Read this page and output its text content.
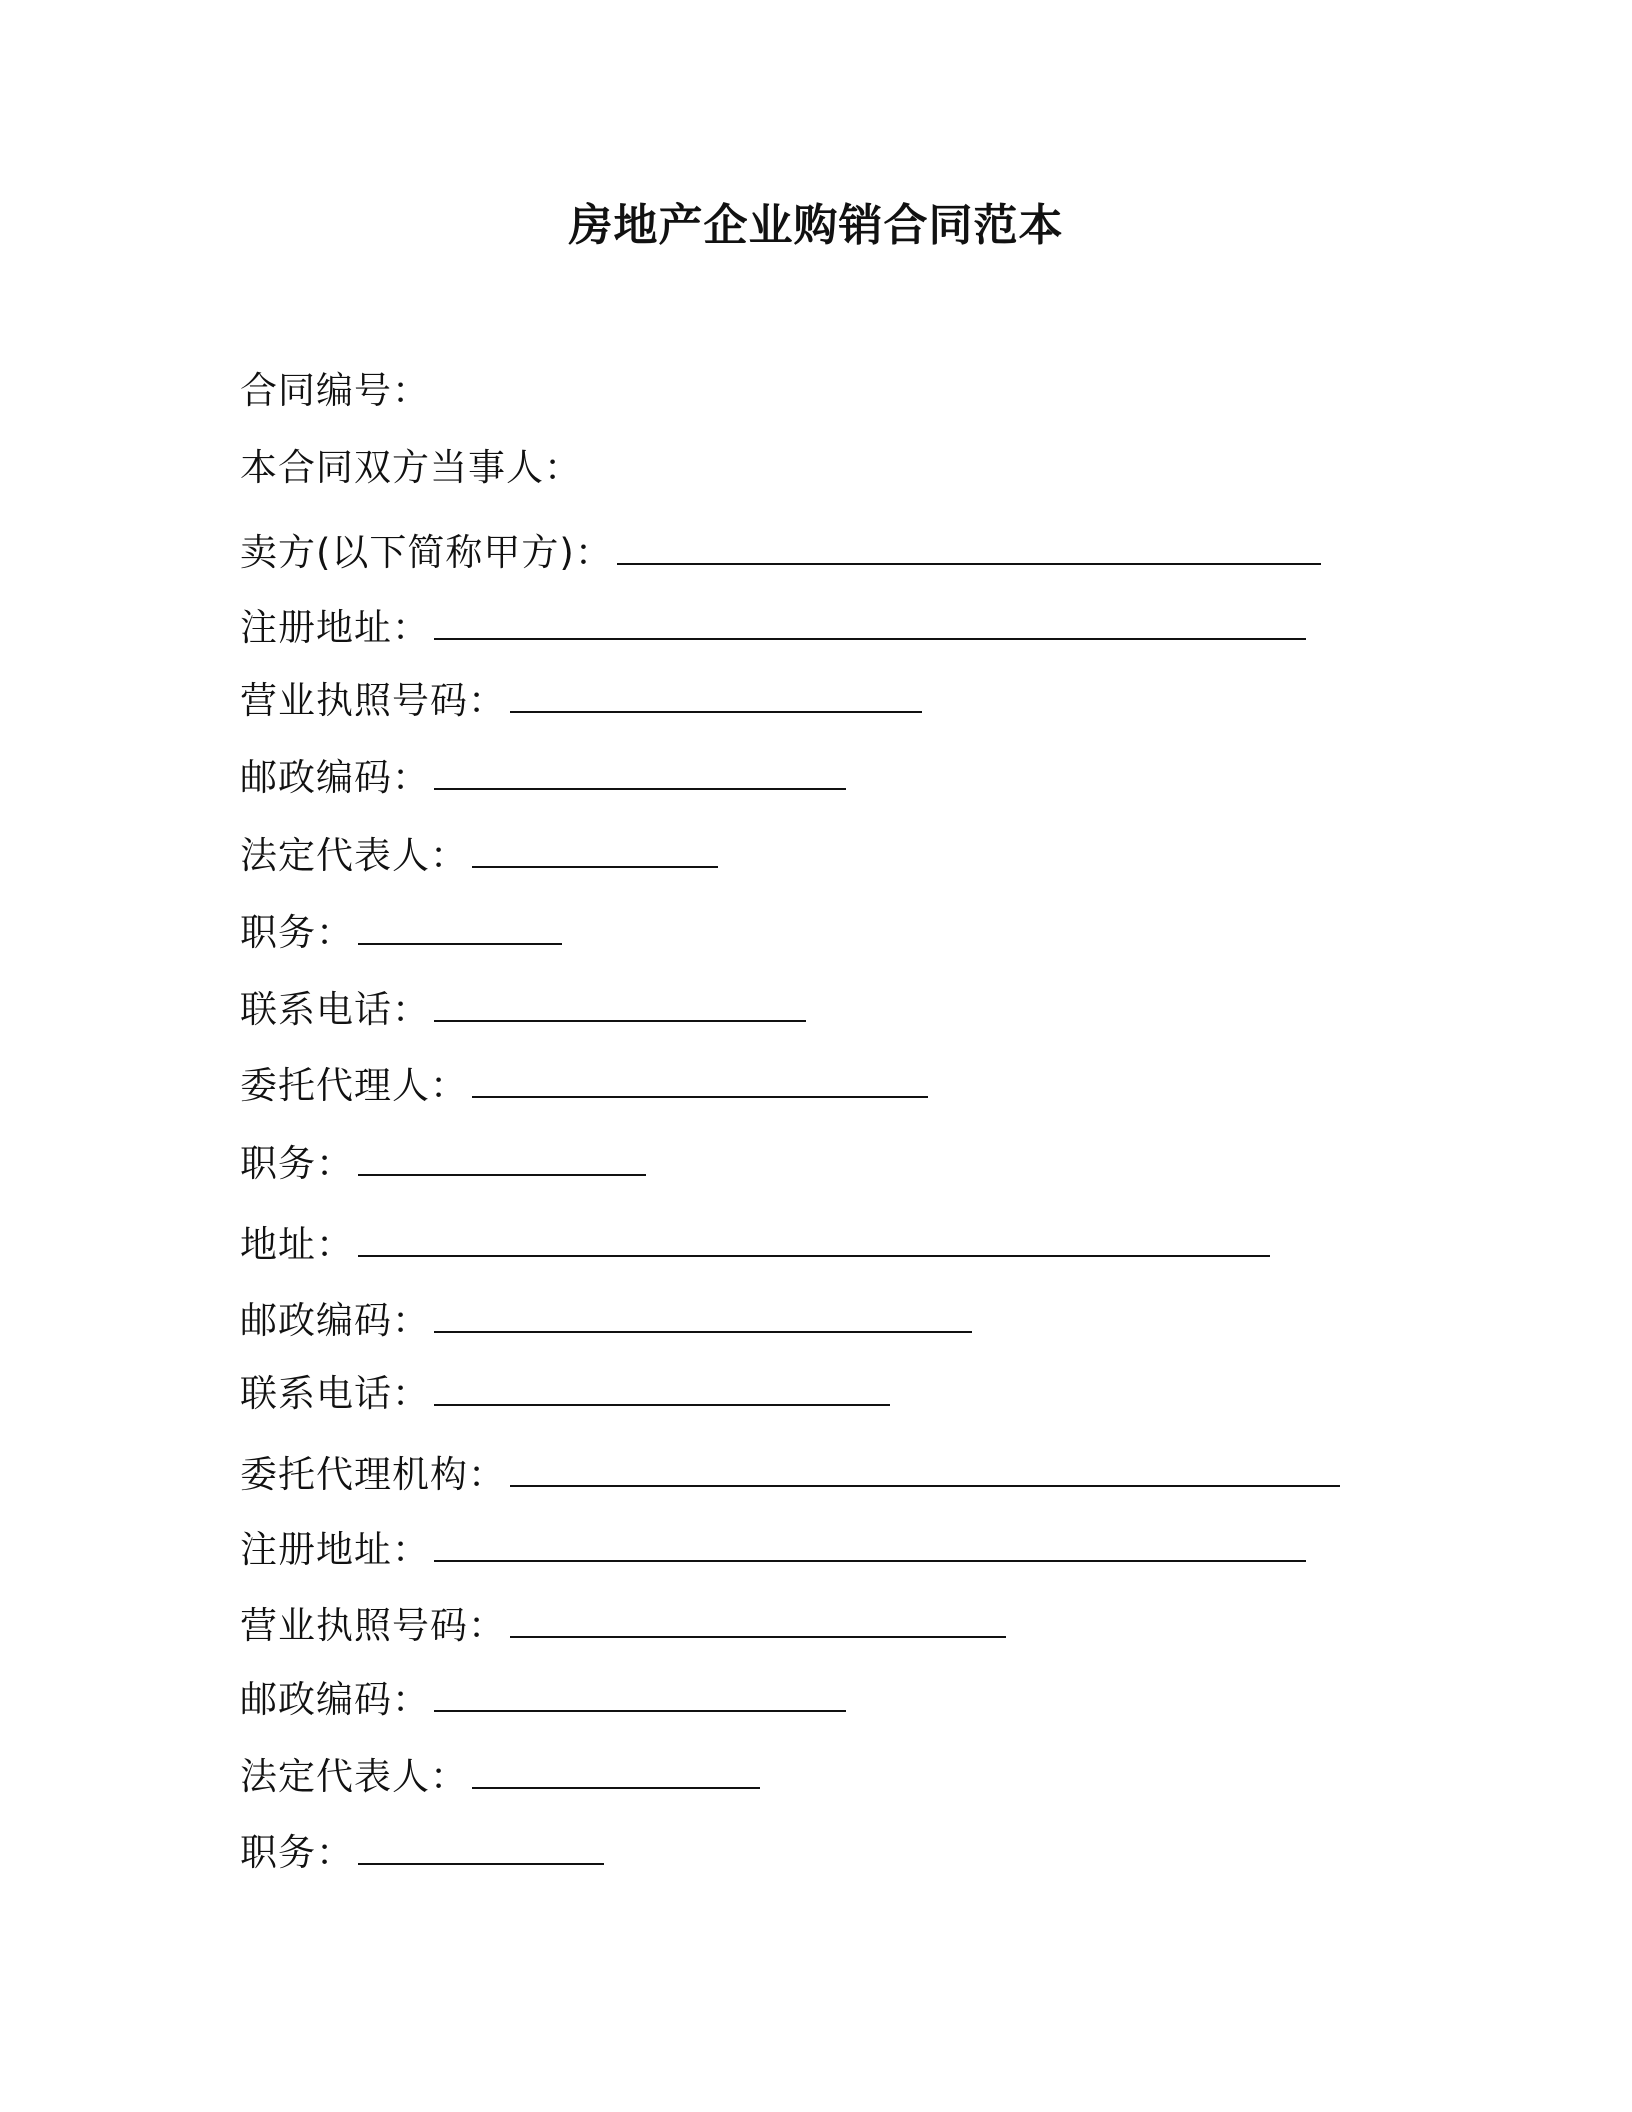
房地产企业购销合同范本
合同编号：
本合同双方当事人：
卖方(以下简称甲方)：
注册地址：
营业执照号码：
邮政编码：
法定代表人：
职务：
联系电话：
委托代理人：
职务：
地址：
邮政编码：
联系电话：
委托代理机构：
注册地址：
营业执照号码：
邮政编码：
法定代表人：
职务：
